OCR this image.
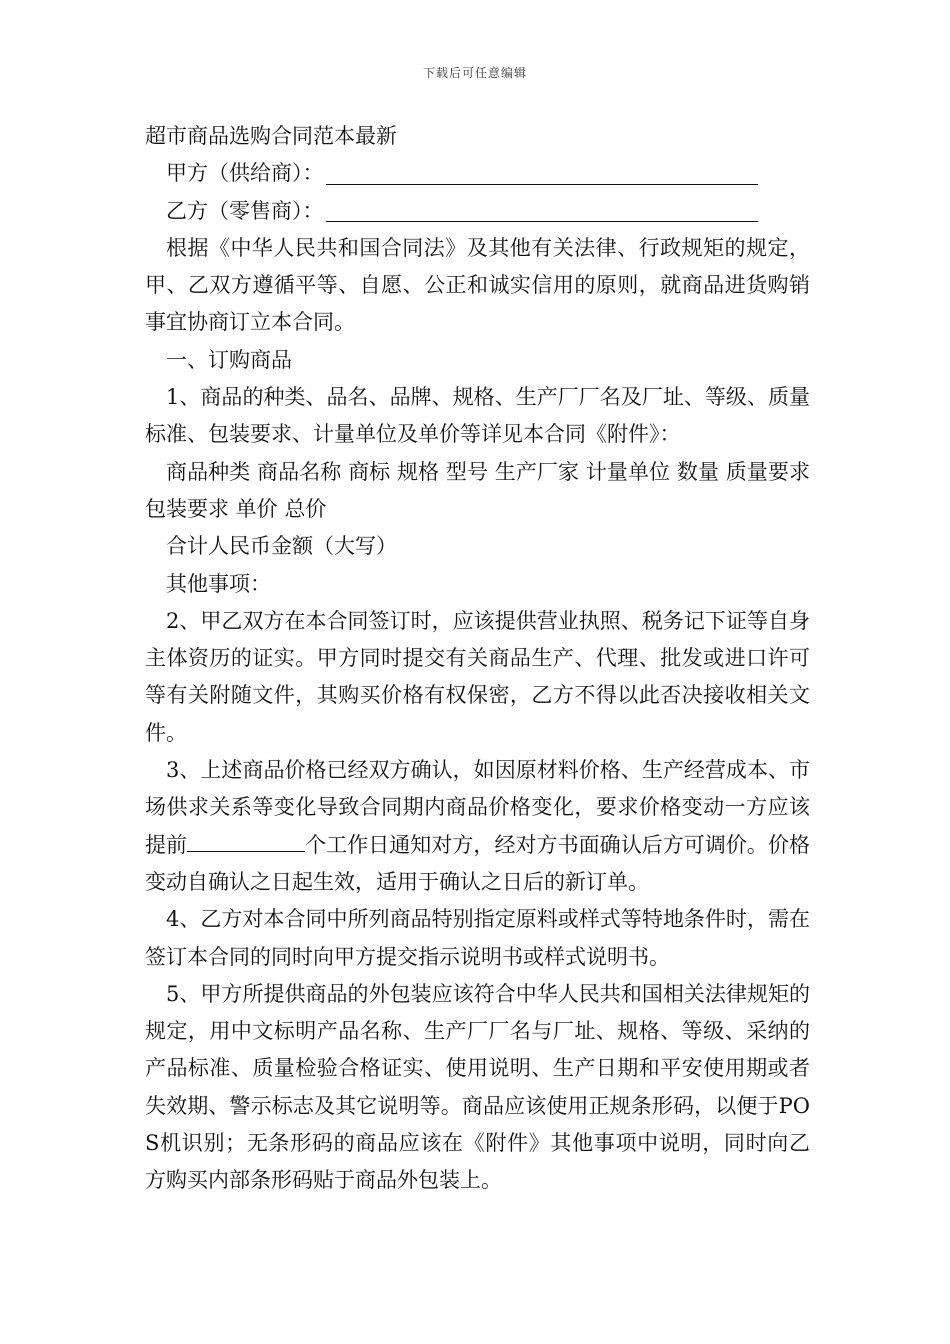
下载后可任意编辑

超市商品选购合同范本最新

甲方（供给商）：
乙方（零售商）：

根据《中华人民共和国合同法》及其他有关法律、行政规矩的规定，甲、乙双方遵循平等、自愿、公正和诚实信用的原则，就商品进货购销事宜协商订立本合同。

一、订购商品

1、商品的种类、品名、品牌、规格、生产厂厂名及厂址、等级、质量标准、包装要求、计量单位及单价等详见本合同《附件》：

商品种类 商品名称 商标 规格 型号 生产厂家 计量单位 数量 质量要求 包装要求 单价 总价

合计人民币金额（大写）

其他事项：

2、甲乙双方在本合同签订时，应该提供营业执照、税务记下证等自身主体资历的证实。甲方同时提交有关商品生产、代理、批发或进口许可等有关附随文件，其购买价格有权保密，乙方不得以此否决接收相关文件。

3、上述商品价格已经双方确认，如因原材料价格、生产经营成本、市场供求关系等变化导致合同期内商品价格变化，要求价格变动一方应该提前	个工作日通知对方，经对方书面确认后方可调价。价格变动自确认之日起生效，适用于确认之日后的新订单。

4、乙方对本合同中所列商品特别指定原料或样式等特地条件时，需在签订本合同的同时向甲方提交指示说明书或样式说明书。

5、甲方所提供商品的外包装应该符合中华人民共和国相关法律规矩的规定，用中文标明产品名称、生产厂厂名与厂址、规格、等级、采纳的产品标准、质量检验合格证实、使用说明、生产日期和平安使用期或者失效期、警示标志及其它说明等。商品应该使用正规条形码，以便于POS机识别；无条形码的商品应该在《附件》其他事项中说明，同时向乙方购买内部条形码贴于商品外包装上。
